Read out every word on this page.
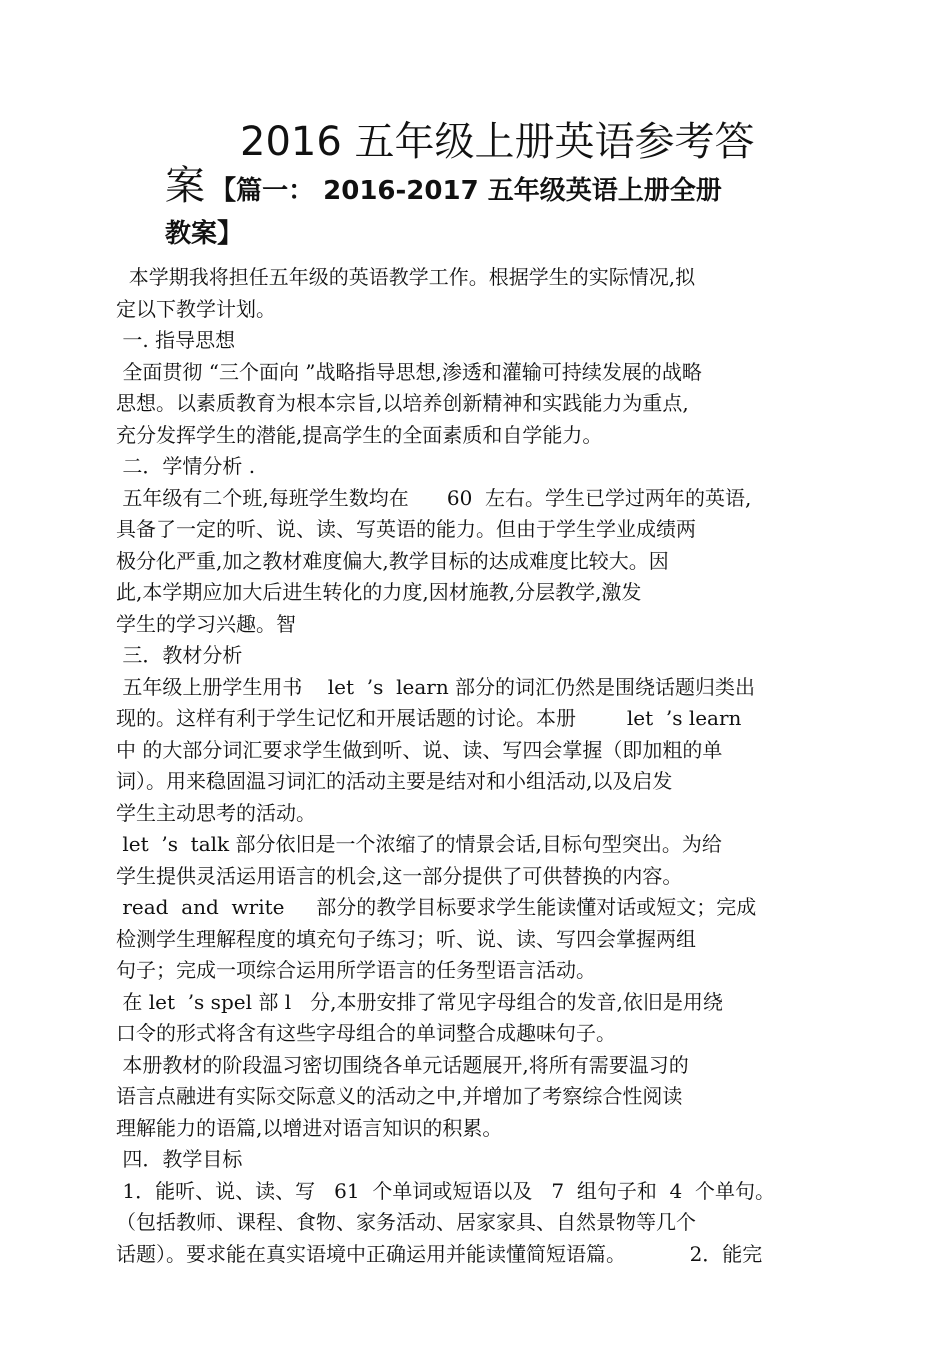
2016 五年级上册英语参考答
案 【篇一： 2016-2017 五年级英语上册全册
教案】
本学期我将担任五年级的英语教学工作。根据学生的实际情况,拟
定以下教学计划。
一. 指导思想
全面贯彻 “三个面向 ”战略指导思想,渗透和灌输可持续发展的战略
思想。以素质教育为根本宗旨,以培养创新精神和实践能力为重点,
充分发挥学生的潜能,提高学生的全面素质和自学能力。
二．学情分析 .
五年级有二个班,每班学生数均在      60  左右。学生已学过两年的英语,
具备了一定的听、说、读、写英语的能力。但由于学生学业成绩两
极分化严重,加之教材难度偏大,教学目标的达成难度比较大。因
此,本学期应加大后进生转化的力度,因材施教,分层教学,激发
学生的学习兴趣。智
三．教材分析
五年级上册学生用书    let  ’s  learn 部分的词汇仍然是围绕话题归类出
现的。这样有利于学生记忆和开展话题的讨论。本册        let  ’s learn
中 的大部分词汇要求学生做到听、说、读、写四会掌握（即加粗的单
词）。用来稳固温习词汇的活动主要是结对和小组活动,以及启发
学生主动思考的活动。
let  ’s  talk 部分依旧是一个浓缩了的情景会话,目标句型突出。为给
学生提供灵活运用语言的机会,这一部分提供了可供替换的内容。
read  and  write     部分的教学目标要求学生能读懂对话或短文；完成
检测学生理解程度的填充句子练习；听、说、读、写四会掌握两组
句子；完成一项综合运用所学语言的任务型语言活动。
在 let  ’s spel 部 l   分,本册安排了常见字母组合的发音,依旧是用绕
口令的形式将含有这些字母组合的单词整合成趣味句子。
本册教材的阶段温习密切围绕各单元话题展开,将所有需要温习的
语言点融进有实际交际意义的活动之中,并增加了考察综合性阅读
理解能力的语篇,以增进对语言知识的积累。
四．教学目标
1．能听、说、读、写   61  个单词或短语以及   7  组句子和  4  个单句。
（包括教师、课程、食物、家务活动、居家家具、自然景物等几个
话题）。要求能在真实语境中正确运用并能读懂简短语篇。          2．能完
